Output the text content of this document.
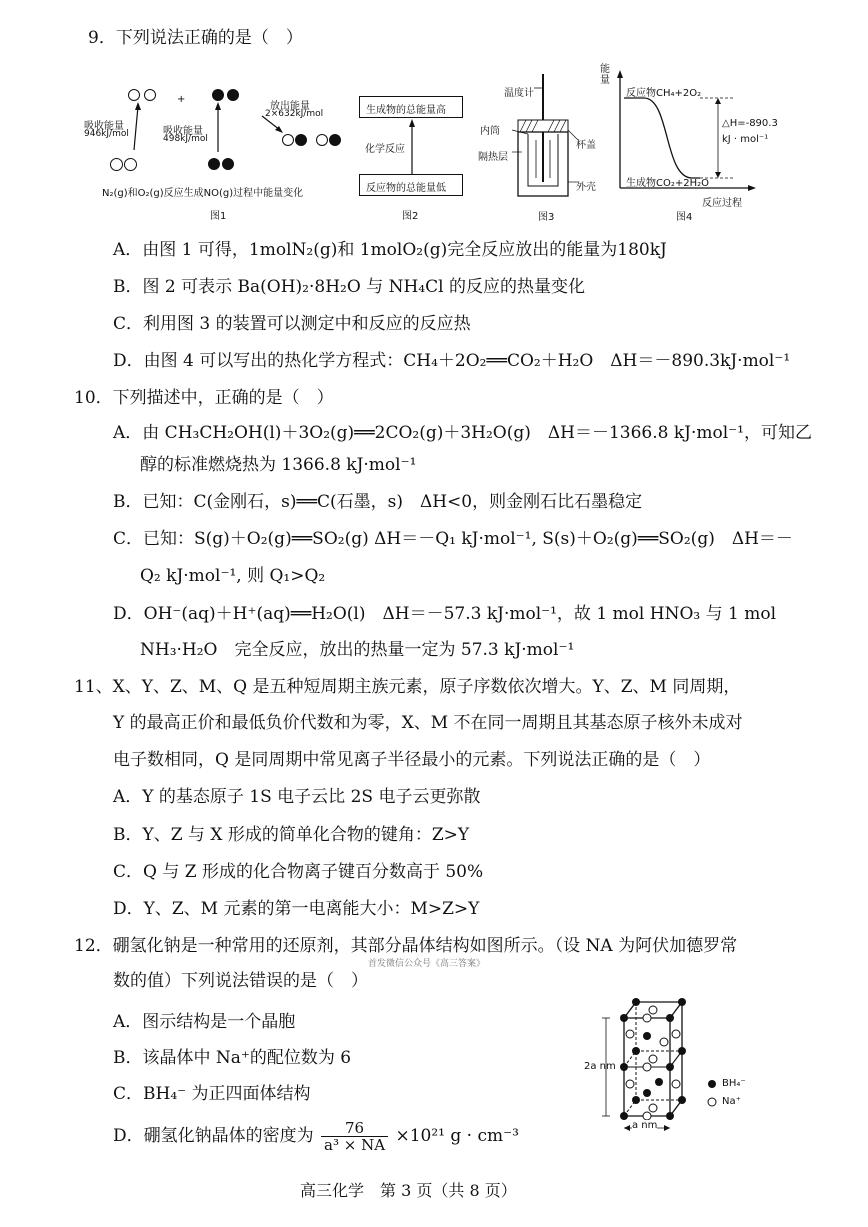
9．下列说法正确的是（　）
+
放出能量
2×632kJ/mol
吸收能量
946kJ/mol	吸收能量
498kJ/mol
N₂(g)和O₂(g)反应生成NO(g)过程中能量变化
图1
生成物的总能量高
化学反应
反应物的总能量低
图2
温度计
内筒
杯盖
隔热层
外壳
图3
能量
反应物CH₄+2O₂
△H=-890.3
kJ · mol⁻¹
生成物CO₂+2H₂O
反应过程
图4
A．由图 1 可得，1molN₂(g)和 1molO₂(g)完全反应放出的能量为180kJ
B．图 2 可表示 Ba(OH)₂·8H₂O 与 NH₄Cl 的反应的热量变化
C．利用图 3 的装置可以测定中和反应的反应热
D．由图 4 可以写出的热化学方程式：CH₄＋2O₂══CO₂＋H₂O　ΔH＝－890.3kJ·mol⁻¹
10．下列描述中，正确的是（　）
A．由 CH₃CH₂OH(l)＋3O₂(g)══2CO₂(g)＋3H₂O(g)　ΔH＝－1366.8 kJ·mol⁻¹，可知乙
醇的标准燃烧热为 1366.8 kJ·mol⁻¹
B．已知：C(金刚石，s)══C(石墨，s)　ΔH<0，则金刚石比石墨稳定
C．已知：S(g)＋O₂(g)══SO₂(g) ΔH＝－Q₁ kJ·mol⁻¹, S(s)＋O₂(g)══SO₂(g)　ΔH＝－
Q₂ kJ·mol⁻¹, 则 Q₁>Q₂
D．OH⁻(aq)＋H⁺(aq)══H₂O(l)　ΔH＝－57.3 kJ·mol⁻¹，故 1 mol HNO₃ 与 1 mol
NH₃·H₂O　完全反应，放出的热量一定为 57.3 kJ·mol⁻¹
11、X、Y、Z、M、Q 是五种短周期主族元素，原子序数依次增大。Y、Z、M 同周期，
Y 的最高正价和最低负价代数和为零，X、M 不在同一周期且其基态原子核外未成对
电子数相同，Q 是同周期中常见离子半径最小的元素。下列说法正确的是（　）
A．Y 的基态原子 1S 电子云比 2S 电子云更弥散
B．Y、Z 与 X 形成的简单化合物的键角：Z>Y
C．Q 与 Z 形成的化合物离子键百分数高于 50%
D．Y、Z、M 元素的第一电离能大小：M>Z>Y
12．硼氢化钠是一种常用的还原剂，其部分晶体结构如图所示。（设 NA 为阿伏加德罗常
首发微信公众号《高三答案》
数的值）下列说法错误的是（　）
A．图示结构是一个晶胞
B．该晶体中 Na⁺的配位数为 6
C．BH₄⁻ 为正四面体结构
D．硼氢化钠晶体的密度为 $\frac{76}{\text{a³ × NA}} \times 10^{21}$ g · cm⁻³
2a nm
a nm
BH₄⁻
Na⁺
高三化学　第 3 页（共 8 页）
